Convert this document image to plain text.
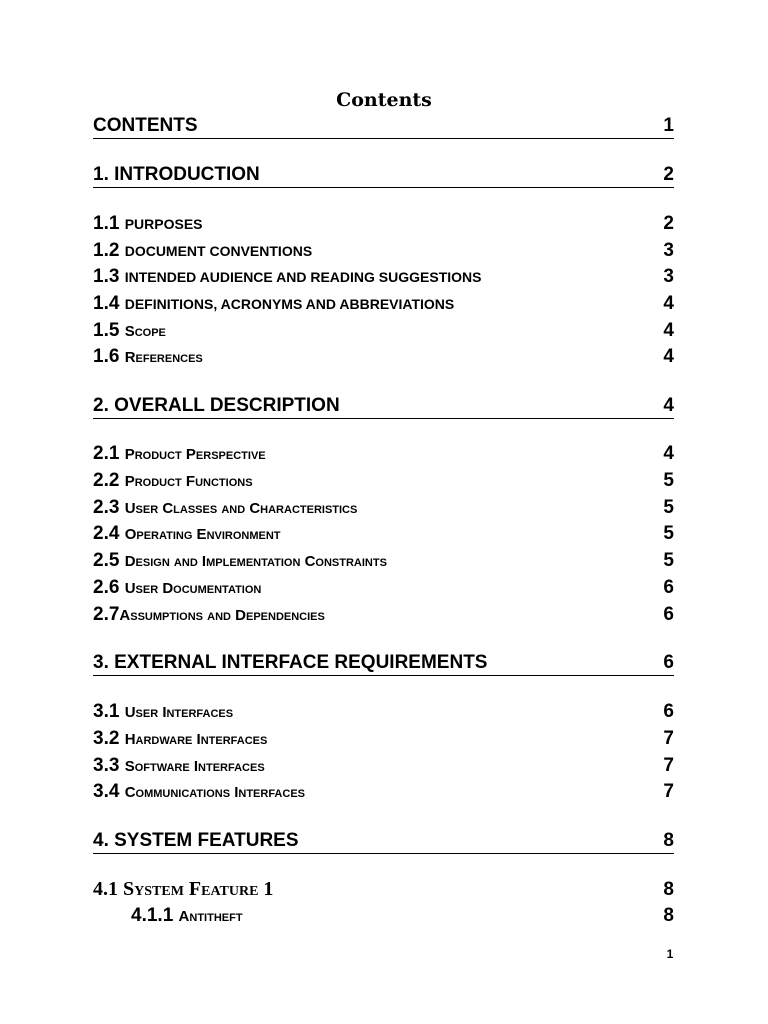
Contents
CONTENTS	1
1. INTRODUCTION	2
1.1 PURPOSES	2
1.2 DOCUMENT CONVENTIONS	3
1.3 INTENDED AUDIENCE AND READING SUGGESTIONS	3
1.4 DEFINITIONS, ACRONYMS AND ABBREVIATIONS	4
1.5 Scope	4
1.6 References	4
2. OVERALL DESCRIPTION	4
2.1 Product Perspective	4
2.2 Product Functions	5
2.3 User Classes and Characteristics	5
2.4 Operating Environment	5
2.5 Design and Implementation Constraints	5
2.6 User Documentation	6
2.7Assumptions and Dependencies	6
3. EXTERNAL INTERFACE REQUIREMENTS	6
3.1 User Interfaces	6
3.2 Hardware Interfaces	7
3.3 Software Interfaces	7
3.4 Communications Interfaces	7
4. SYSTEM FEATURES	8
4.1 System Feature 1	8
4.1.1 Antitheft	8
1
